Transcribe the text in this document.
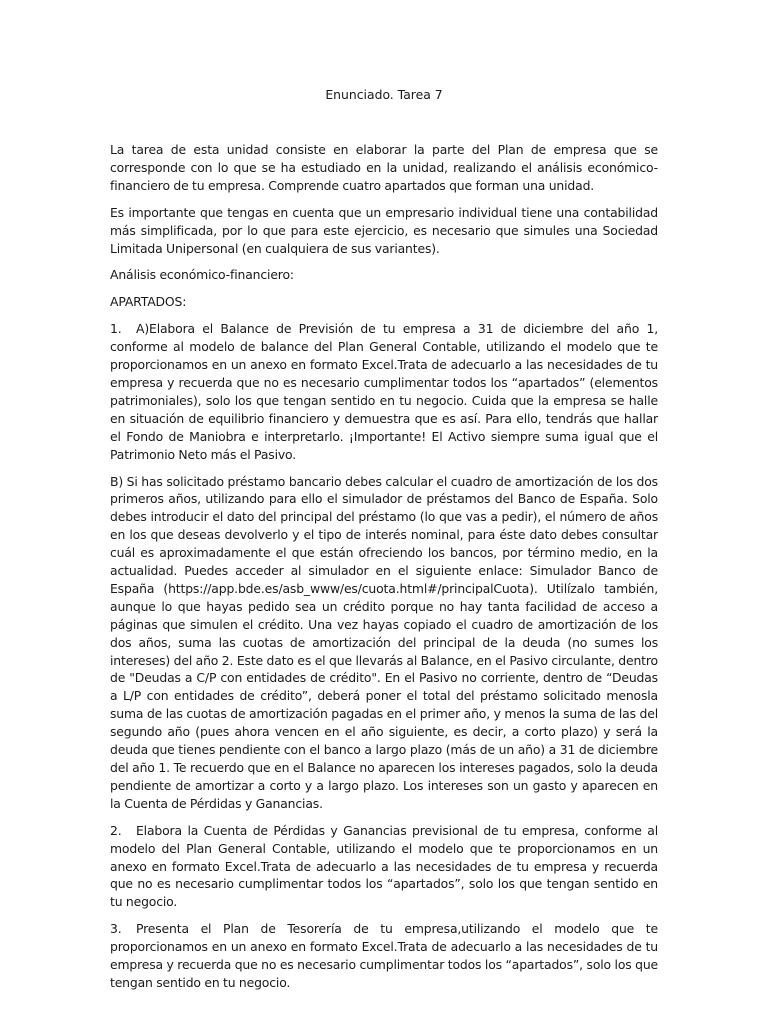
Enunciado. Tarea 7

La tarea de esta unidad consiste en elaborar la parte del Plan de empresa que se corresponde con lo que se ha estudiado en la unidad, realizando el análisis económico-financiero de tu empresa. Comprende cuatro apartados que forman una unidad.

Es importante que tengas en cuenta que un empresario individual tiene una contabilidad más simplificada, por lo que para este ejercicio, es necesario que simules una Sociedad Limitada Unipersonal (en cualquiera de sus variantes).

Análisis económico-financiero:

APARTADOS:

1. A)Elabora el Balance de Previsión de tu empresa a 31 de diciembre del año 1, conforme al modelo de balance del Plan General Contable, utilizando el modelo que te proporcionamos en un anexo en formato Excel.Trata de adecuarlo a las necesidades de tu empresa y recuerda que no es necesario cumplimentar todos los “apartados” (elementos patrimoniales), solo los que tengan sentido en tu negocio. Cuida que la empresa se halle en situación de equilibrio financiero y demuestra que es así. Para ello, tendrás que hallar el Fondo de Maniobra e interpretarlo. ¡Importante! El Activo siempre suma igual que el Patrimonio Neto más el Pasivo.

B) Si has solicitado préstamo bancario debes calcular el cuadro de amortización de los dos primeros años, utilizando para ello el simulador de préstamos del Banco de España. Solo debes introducir el dato del principal del préstamo (lo que vas a pedir), el número de años en los que deseas devolverlo y el tipo de interés nominal, para éste dato debes consultar cuál es aproximadamente el que están ofreciendo los bancos, por término medio, en la actualidad. Puedes acceder al simulador en el siguiente enlace: Simulador Banco de España (https://app.bde.es/asb_www/es/cuota.html#/principalCuota). Utilízalo también, aunque lo que hayas pedido sea un crédito porque no hay tanta facilidad de acceso a páginas que simulen el crédito. Una vez hayas copiado el cuadro de amortización de los dos años, suma las cuotas de amortización del principal de la deuda (no sumes los intereses) del año 2. Este dato es el que llevarás al Balance, en el Pasivo circulante, dentro de "Deudas a C/P con entidades de crédito". En el Pasivo no corriente, dentro de “Deudas a L/P con entidades de crédito”, deberá poner el total del préstamo solicitado menosla suma de las cuotas de amortización pagadas en el primer año, y menos la suma de las del segundo año (pues ahora vencen en el año siguiente, es decir, a corto plazo) y será la deuda que tienes pendiente con el banco a largo plazo (más de un año) a 31 de diciembre del año 1. Te recuerdo que en el Balance no aparecen los intereses pagados, solo la deuda pendiente de amortizar a corto y a largo plazo. Los intereses son un gasto y aparecen en la Cuenta de Pérdidas y Ganancias.

2. Elabora la Cuenta de Pérdidas y Ganancias previsional de tu empresa, conforme al modelo del Plan General Contable, utilizando el modelo que te proporcionamos en un anexo en formato Excel.Trata de adecuarlo a las necesidades de tu empresa y recuerda que no es necesario cumplimentar todos los “apartados”, solo los que tengan sentido en tu negocio.

3. Presenta el Plan de Tesorería de tu empresa,utilizando el modelo que te proporcionamos en un anexo en formato Excel.Trata de adecuarlo a las necesidades de tu empresa y recuerda que no es necesario cumplimentar todos los “apartados”, solo los que tengan sentido en tu negocio.
